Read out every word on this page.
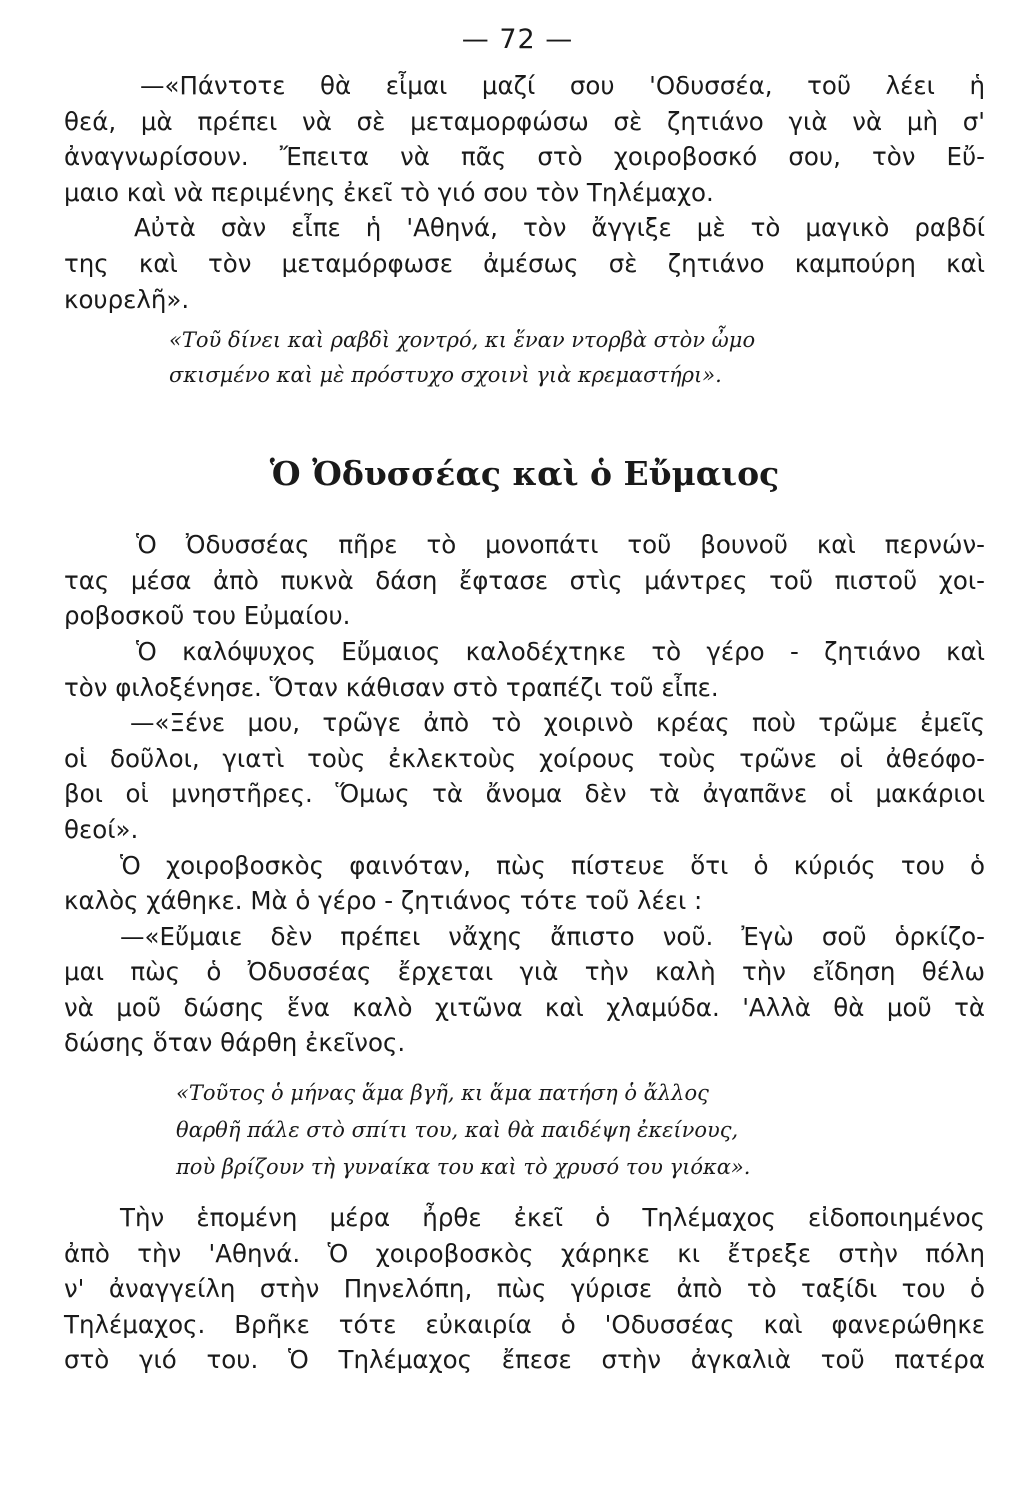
— 72 —
—«Πάντοτε θὰ εἶμαι μαζί σου 'Οδυσσέα, τοῦ λέει ἡ
θεά, μὰ πρέπει νὰ σὲ μεταμορφώσω σὲ ζητιάνο γιὰ νὰ μὴ σ'
ἀναγνωρίσουν. Ἔπειτα νὰ πᾶς στὸ χοιροβοσκό σου, τὸν Εὔ-
μαιο καὶ νὰ περιμένης ἐκεῖ τὸ γιό σου τὸν Τηλέμαχο.
Αὐτὰ σὰν εἶπε ἡ 'Αθηνά, τὸν ἄγγιξε μὲ τὸ μαγικὸ ραβδί
της καὶ τὸν μεταμόρφωσε ἀμέσως σὲ ζητιάνο καμπούρη καὶ
κουρελῆ».
«Τοῦ δίνει καὶ ραβδὶ χοντρό, κι ἕναν ντορβὰ στὸν ὦμο
σκισμένο καὶ μὲ πρόστυχο σχοινὶ γιὰ κρεμαστήρι».
Ὁ Ὀδυσσέας καὶ ὁ Εὔμαιος
Ὁ Ὀδυσσέας πῆρε τὸ μονοπάτι τοῦ βουνοῦ καὶ περνών-
τας μέσα ἀπὸ πυκνὰ δάση ἔφτασε στὶς μάντρες τοῦ πιστοῦ χοι-
ροβοσκοῦ του Εὐμαίου.
Ὁ καλόψυχος Εὔμαιος καλοδέχτηκε τὸ γέρο - ζητιάνο καὶ
τὸν φιλοξένησε. Ὅταν κάθισαν στὸ τραπέζι τοῦ εἶπε.
—«Ξένε μου, τρῶγε ἀπὸ τὸ χοιρινὸ κρέας ποὺ τρῶμε ἐμεῖς
οἱ δοῦλοι, γιατὶ τοὺς ἐκλεκτοὺς χοίρους τοὺς τρῶνε οἱ ἀθεόφο-
βοι οἱ μνηστῆρες. Ὅμως τὰ ἄνομα δὲν τὰ ἀγαπᾶνε οἱ μακάριοι
θεοί».
Ὁ χοιροβοσκὸς φαινόταν, πὼς πίστευε ὅτι ὁ κύριός του ὁ
καλὸς χάθηκε. Μὰ ὁ γέρο - ζητιάνος τότε τοῦ λέει :
—«Εὔμαιε δὲν πρέπει νἄχης ἄπιστο νοῦ. Ἐγὼ σοῦ ὁρκίζο-
μαι πὼς ὁ Ὀδυσσέας ἔρχεται γιὰ τὴν καλὴ τὴν εἴδηση θέλω
νὰ μοῦ δώσης ἕνα καλὸ χιτῶνα καὶ χλαμύδα. 'Αλλὰ θὰ μοῦ τὰ
δώσης ὅταν θάρθη ἐκεῖνος.
«Τοῦτος ὁ μήνας ἅμα βγῆ, κι ἅμα πατήση ὁ ἄλλος
θαρθῆ πάλε στὸ σπίτι του, καὶ θὰ παιδέψη ἐκείνους,
ποὺ βρίζουν τὴ γυναίκα του καὶ τὸ χρυσό του γιόκα».
Τὴν ἑπομένη μέρα ἦρθε ἐκεῖ ὁ Τηλέμαχος εἰδοποιημένος
ἀπὸ τὴν 'Αθηνά. Ὁ χοιροβοσκὸς χάρηκε κι ἔτρεξε στὴν πόλη
ν' ἀναγγείλη στὴν Πηνελόπη, πὼς γύρισε ἀπὸ τὸ ταξίδι του ὁ
Τηλέμαχος. Βρῆκε τότε εὐκαιρία ὁ 'Οδυσσέας καὶ φανερώθηκε
στὸ γιό του. Ὁ Τηλέμαχος ἔπεσε στὴν ἀγκαλιὰ τοῦ πατέρα
